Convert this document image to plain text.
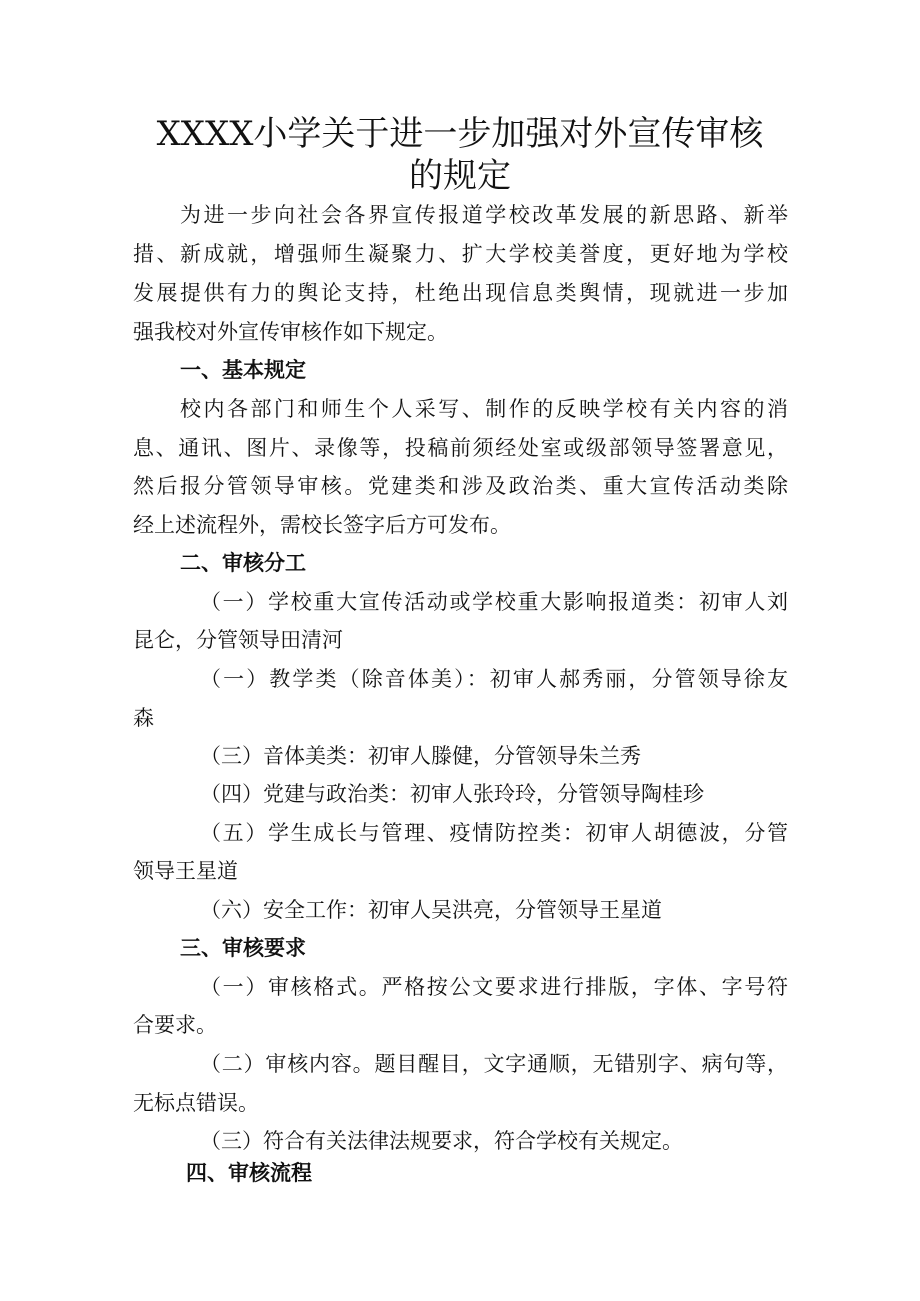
XXXX小学关于进一步加强对外宣传审核
的规定
为进一步向社会各界宣传报道学校改革发展的新思路、新举
措、新成就，增强师生凝聚力、扩大学校美誉度，更好地为学校
发展提供有力的舆论支持，杜绝出现信息类舆情，现就进一步加
强我校对外宣传审核作如下规定。
一、基本规定
校内各部门和师生个人采写、制作的反映学校有关内容的消
息、通讯、图片、录像等，投稿前须经处室或级部领导签署意见，
然后报分管领导审核。党建类和涉及政治类、重大宣传活动类除
经上述流程外，需校长签字后方可发布。
二、审核分工
（一）学校重大宣传活动或学校重大影响报道类：初审人刘
昆仑，分管领导田清河
（一）教学类（除音体美）：初审人郝秀丽，分管领导徐友
森
（三）音体美类：初审人滕健，分管领导朱兰秀
（四）党建与政治类：初审人张玲玲，分管领导陶桂珍
（五）学生成长与管理、疫情防控类：初审人胡德波，分管
领导王星道
（六）安全工作：初审人吴洪亮，分管领导王星道
三、审核要求
（一）审核格式。严格按公文要求进行排版，字体、字号符
合要求。
（二）审核内容。题目醒目，文字通顺，无错别字、病句等，
无标点错误。
（三）符合有关法律法规要求，符合学校有关规定。
四、审核流程
